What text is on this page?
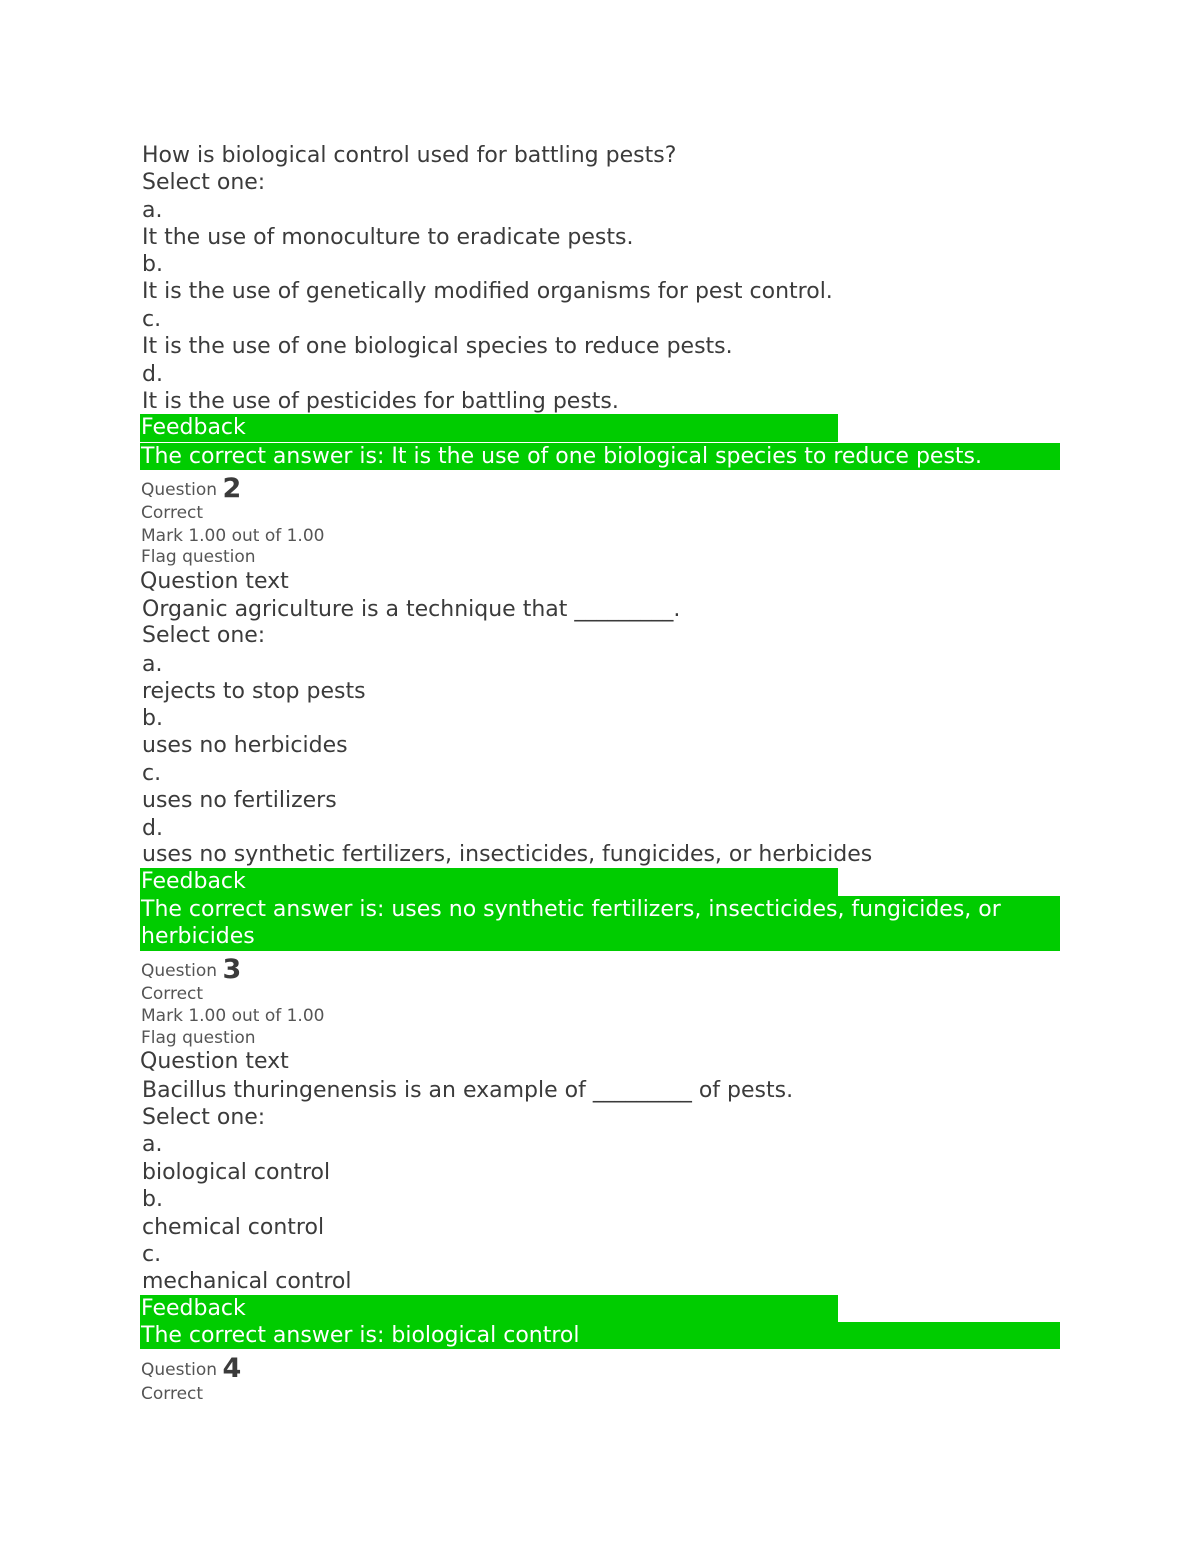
How is biological control used for battling pests?
Select one:
a.
It the use of monoculture to eradicate pests.
b.
It is the use of genetically modified organisms for pest control.
c.
It is the use of one biological species to reduce pests.
d.
It is the use of pesticides for battling pests.
Feedback
The correct answer is: It is the use of one biological species to reduce pests.
Question 2
Correct
Mark 1.00 out of 1.00
Flag question
Question text
Organic agriculture is a technique that _________.
Select one:
a.
rejects to stop pests
b.
uses no herbicides
c.
uses no fertilizers
d.
uses no synthetic fertilizers, insecticides, fungicides, or herbicides
Feedback
The correct answer is: uses no synthetic fertilizers, insecticides, fungicides, or herbicides
Question 3
Correct
Mark 1.00 out of 1.00
Flag question
Question text
Bacillus thuringenensis is an example of _________ of pests.
Select one:
a.
biological control
b.
chemical control
c.
mechanical control
Feedback
The correct answer is: biological control
Question 4
Correct
